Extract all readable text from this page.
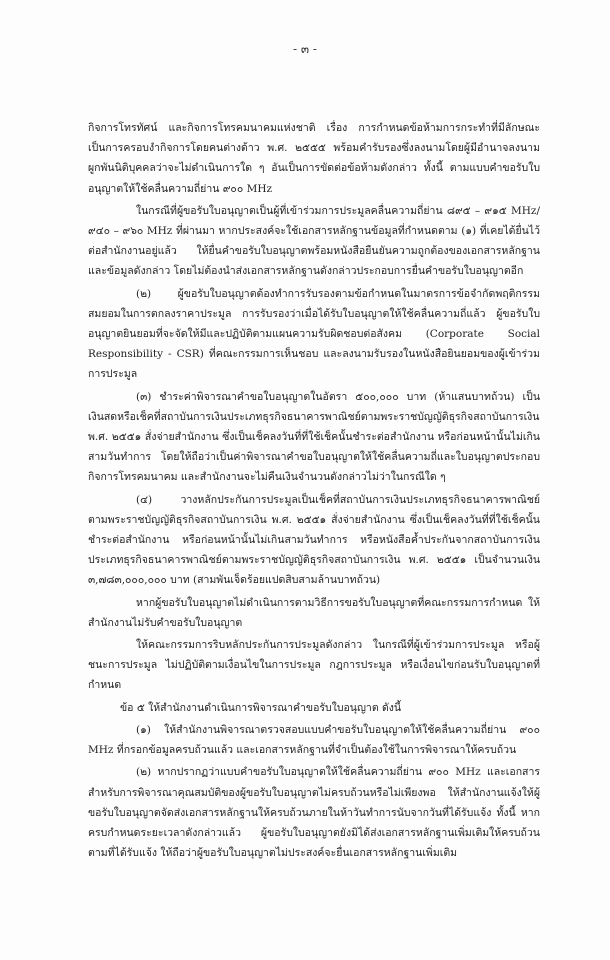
- ๓ -

กิจการโทรทัศน์ และกิจการโทรคมนาคมแห่งชาติ เรื่อง การกำหนดข้อห้ามการกระทำที่มีลักษณะเป็นการครอบงำกิจการโดยคนต่างด้าว พ.ศ. ๒๕๕๕ พร้อมคำรับรองซึ่งลงนามโดยผู้มีอำนาจลงนามผูกพันนิติบุคคลว่าจะไม่ดำเนินการใด ๆ อันเป็นการขัดต่อข้อห้ามดังกล่าว ทั้งนี้ ตามแบบคำขอรับใบอนุญาตให้ใช้คลื่นความถี่ย่าน ๙๐๐ MHz

ในกรณีที่ผู้ขอรับใบอนุญาตเป็นผู้ที่เข้าร่วมการประมูลคลื่นความถี่ย่าน ๘๙๕ – ๙๑๕ MHz/๙๔๐ – ๙๖๐ MHz ที่ผ่านมา หากประสงค์จะใช้เอกสารหลักฐานข้อมูลที่กำหนดตาม (๑) ที่เคยได้ยื่นไว้ต่อสำนักงานอยู่แล้ว ให้ยื่นคำขอรับใบอนุญาตพร้อมหนังสือยืนยันความถูกต้องของเอกสารหลักฐานและข้อมูลดังกล่าว โดยไม่ต้องนำส่งเอกสารหลักฐานดังกล่าวประกอบการยื่นคำขอรับใบอนุญาตอีก

(๒) ผู้ขอรับใบอนุญาตต้องทำการรับรองตามข้อกำหนดในมาตรการข้อจำกัดพฤติกรรมสมยอมในการตกลงราคาประมูล การรับรองว่าเมื่อได้รับใบอนุญาตให้ใช้คลื่นความถี่แล้ว ผู้ขอรับใบอนุญาตยินยอมที่จะจัดให้มีและปฏิบัติตามแผนความรับผิดชอบต่อสังคม (Corporate Social Responsibility - CSR) ที่คณะกรรมการเห็นชอบ และลงนามรับรองในหนังสือยินยอมของผู้เข้าร่วมการประมูล

(๓) ชำระค่าพิจารณาคำขอใบอนุญาตในอัตรา ๕๐๐,๐๐๐ บาท (ห้าแสนบาทถ้วน) เป็นเงินสดหรือเช็คที่สถาบันการเงินประเภทธุรกิจธนาคารพาณิชย์ตามพระราชบัญญัติธุรกิจสถาบันการเงิน พ.ศ. ๒๕๕๑ สั่งจ่ายสำนักงาน ซึ่งเป็นเช็คลงวันที่ที่ใช้เช็คนั้นชำระต่อสำนักงาน หรือก่อนหน้านั้นไม่เกินสามวันทำการ โดยให้ถือว่าเป็นค่าพิจารณาคำขอใบอนุญาตให้ใช้คลื่นความถี่และใบอนุญาตประกอบกิจการโทรคมนาคม และสำนักงานจะไม่คืนเงินจำนวนดังกล่าวไม่ว่าในกรณีใด ๆ

(๔) วางหลักประกันการประมูลเป็นเช็คที่สถาบันการเงินประเภทธุรกิจธนาคารพาณิชย์ตามพระราชบัญญัติธุรกิจสถาบันการเงิน พ.ศ. ๒๕๕๑ สั่งจ่ายสำนักงาน ซึ่งเป็นเช็คลงวันที่ที่ใช้เช็คนั้นชำระต่อสำนักงาน หรือก่อนหน้านั้นไม่เกินสามวันทำการ หรือหนังสือค้ำประกันจากสถาบันการเงินประเภทธุรกิจธนาคารพาณิชย์ตามพระราชบัญญัติธุรกิจสถาบันการเงิน พ.ศ. ๒๕๕๑ เป็นจำนวนเงิน ๓,๗๘๓,๐๐๐,๐๐๐ บาท (สามพันเจ็ดร้อยแปดสิบสามล้านบาทถ้วน)

หากผู้ขอรับใบอนุญาตไม่ดำเนินการตามวิธีการขอรับใบอนุญาตที่คณะกรรมการกำหนด ให้สำนักงานไม่รับคำขอรับใบอนุญาต

ให้คณะกรรมการริบหลักประกันการประมูลดังกล่าว ในกรณีที่ผู้เข้าร่วมการประมูล หรือผู้ชนะการประมูล ไม่ปฏิบัติตามเงื่อนไขในการประมูล กฎการประมูล หรือเงื่อนไขก่อนรับใบอนุญาตที่กำหนด

ข้อ ๕ ให้สำนักงานดำเนินการพิจารณาคำขอรับใบอนุญาต ดังนี้

(๑) ให้สำนักงานพิจารณาตรวจสอบแบบคำขอรับใบอนุญาตให้ใช้คลื่นความถี่ย่าน ๙๐๐ MHz ที่กรอกข้อมูลครบถ้วนแล้ว และเอกสารหลักฐานที่จำเป็นต้องใช้ในการพิจารณาให้ครบถ้วน

(๒) หากปรากฏว่าแบบคำขอรับใบอนุญาตให้ใช้คลื่นความถี่ย่าน ๙๐๐ MHz และเอกสารสำหรับการพิจารณาคุณสมบัติของผู้ขอรับใบอนุญาตไม่ครบถ้วนหรือไม่เพียงพอ ให้สำนักงานแจ้งให้ผู้ขอรับใบอนุญาตจัดส่งเอกสารหลักฐานให้ครบถ้วนภายในห้าวันทำการนับจากวันที่ได้รับแจ้ง ทั้งนี้ หากครบกำหนดระยะเวลาดังกล่าวแล้ว ผู้ขอรับใบอนุญาตยังมิได้ส่งเอกสารหลักฐานเพิ่มเติมให้ครบถ้วนตามที่ได้รับแจ้ง ให้ถือว่าผู้ขอรับใบอนุญาตไม่ประสงค์จะยื่นเอกสารหลักฐานเพิ่มเติม
